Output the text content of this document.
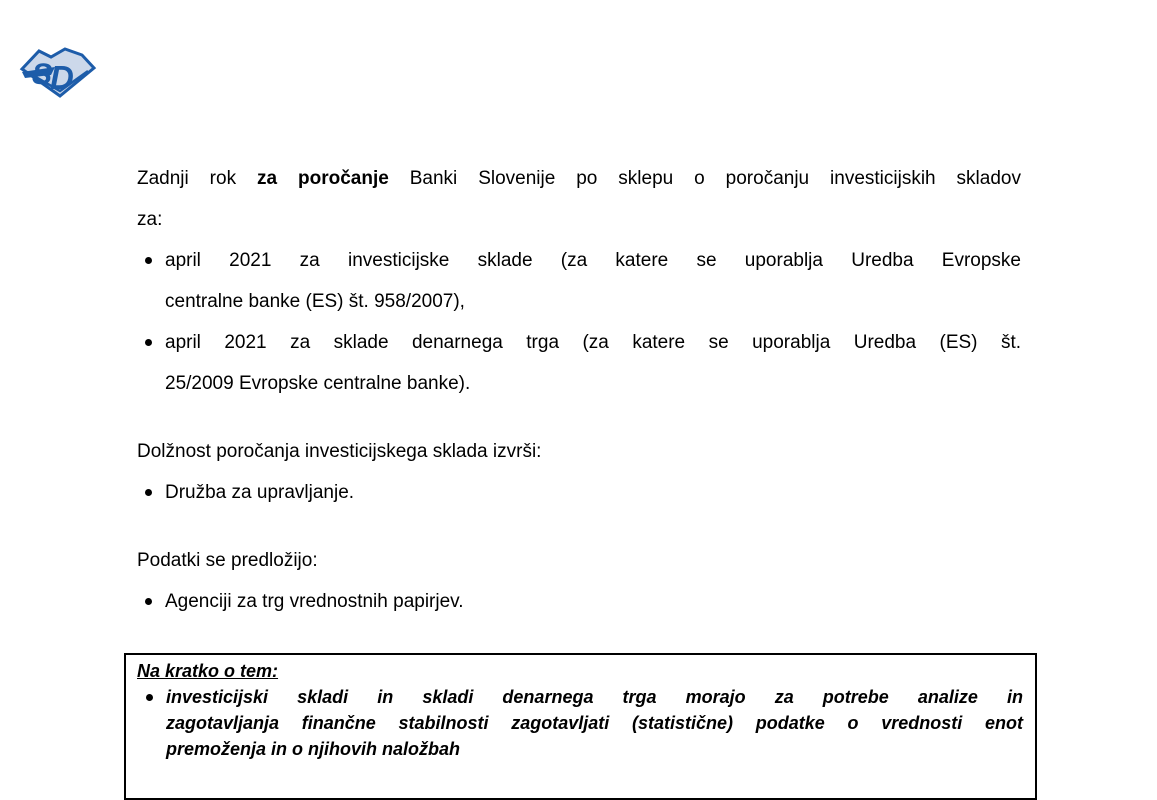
S
D

Zadnji rok za poročanje Banki Slovenije po sklepu o poročanju investicijskih skladov

za:

april 2021 za investicijske sklade (za katere se uporablja Uredba Evropske

centralne banke (ES) št. 958/2007),

april 2021 za sklade denarnega trga (za katere se uporablja Uredba (ES) št.

25/2009 Evropske centralne banke).

Dolžnost poročanja investicijskega sklada izvrši:

Družba za upravljanje.

Podatki se predložijo:

Agenciji za trg vrednostnih papirjev.

Na kratko o tem:

investicijski skladi in skladi denarnega trga morajo za potrebe analize in

zagotavljanja finančne stabilnosti zagotavljati (statistične) podatke o vrednosti enot

premoženja in o njihovih naložbah
